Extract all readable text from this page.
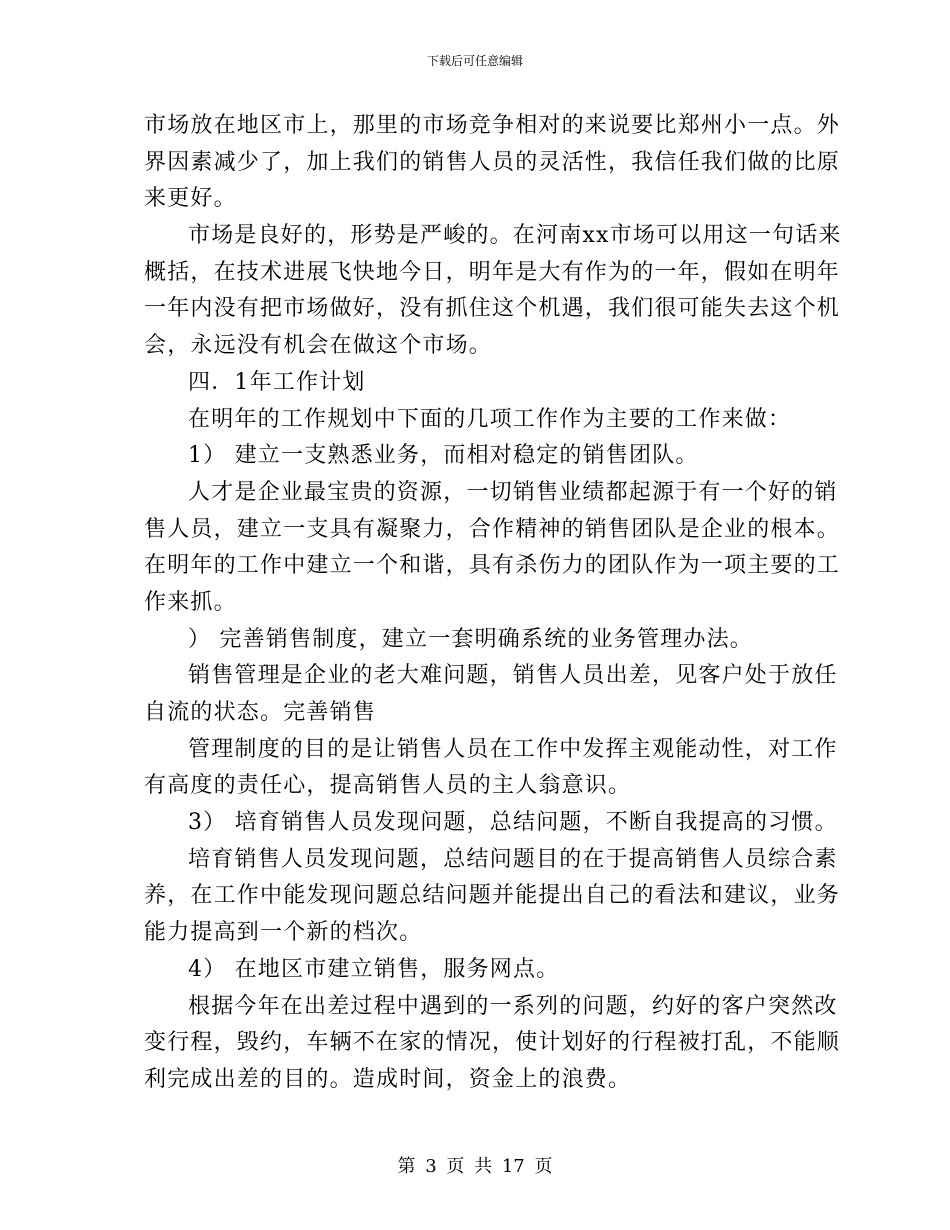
下载后可任意编辑
市场放在地区市上，那里的市场竞争相对的来说要比郑州小一点。外
界因素减少了，加上我们的销售人员的灵活性，我信任我们做的比原
来更好。
市场是良好的，形势是严峻的。在河南xx市场可以用这一句话来
概括，在技术进展飞快地今日，明年是大有作为的一年，假如在明年
一年内没有把市场做好，没有抓住这个机遇，我们很可能失去这个机
会，永远没有机会在做这个市场。
四．1年工作计划
在明年的工作规划中下面的几项工作作为主要的工作来做：
1） 建立一支熟悉业务，而相对稳定的销售团队。
人才是企业最宝贵的资源，一切销售业绩都起源于有一个好的销
售人员，建立一支具有凝聚力，合作精神的销售团队是企业的根本。
在明年的工作中建立一个和谐，具有杀伤力的团队作为一项主要的工
作来抓。
） 完善销售制度，建立一套明确系统的业务管理办法。
销售管理是企业的老大难问题，销售人员出差，见客户处于放任
自流的状态。完善销售
管理制度的目的是让销售人员在工作中发挥主观能动性，对工作
有高度的责任心，提高销售人员的主人翁意识。
3） 培育销售人员发现问题，总结问题，不断自我提高的习惯。
培育销售人员发现问题，总结问题目的在于提高销售人员综合素
养，在工作中能发现问题总结问题并能提出自己的看法和建议，业务
能力提高到一个新的档次。
4） 在地区市建立销售，服务网点。
根据今年在出差过程中遇到的一系列的问题，约好的客户突然改
变行程，毁约，车辆不在家的情况，使计划好的行程被打乱，不能顺
利完成出差的目的。造成时间，资金上的浪费。
第 3 页 共 17 页
